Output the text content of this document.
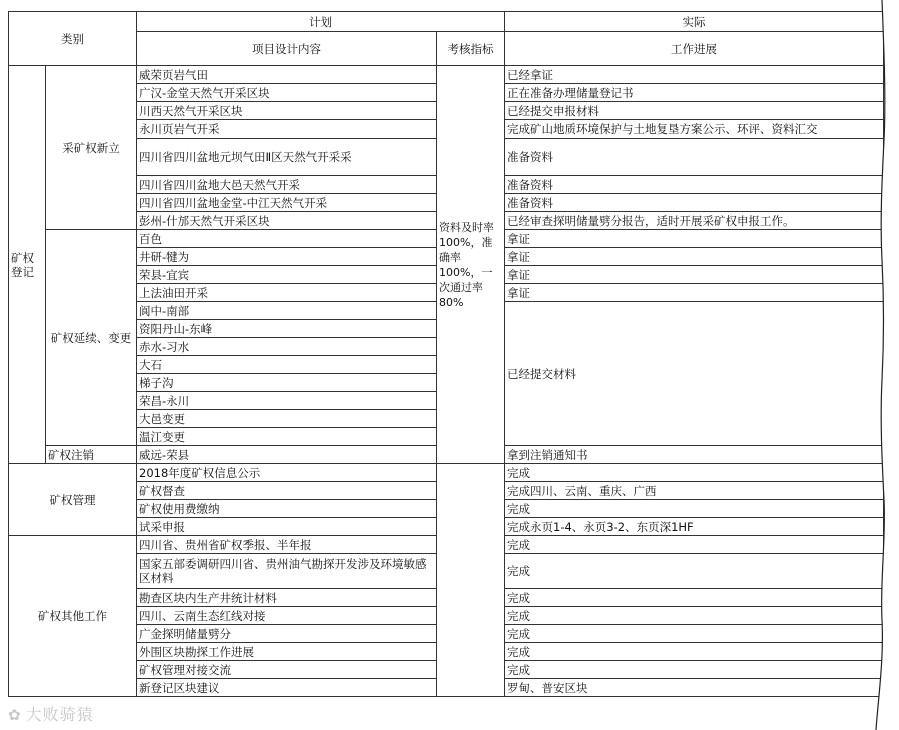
类别		计划		实际
		项目设计内容	考核指标	工作进展
矿权登记	采矿权新立	威荣页岩气田	资料及时率100%，准确率100%，一次通过率80%	已经拿证
		广汉-金堂天然气开采区块		正在准备办理储量登记书
		川西天然气开采区块		已经提交申报材料
		永川页岩气开采		完成矿山地质环境保护与土地复垦方案公示、环评、资料汇交
		四川省四川盆地元坝气田Ⅱ区天然气开采采		准备资料
		四川省四川盆地大邑天然气开采		准备资料
		四川省四川盆地金堂-中江天然气开采		准备资料
		彭州-什邡天然气开采区块		已经审查探明储量劈分报告，适时开展采矿权申报工作。
	矿权延续、变更	百色		拿证
		井研-犍为		拿证
		荣县-宜宾		拿证
		上法油田开采		拿证
		阆中-南部		已经提交材料
		资阳丹山-东峰		
		赤水-习水		
		大石		
		梯子沟		
		荣昌-永川		
		大邑变更		
		温江变更		
	矿权注销	威远-荣县		拿到注销通知书
矿权管理		2018年度矿权信息公示		完成
		矿权督查		完成四川、云南、重庆、广西
		矿权使用费缴纳		完成
		试采申报		完成永页1-4、永页3-2、东页深1HF
矿权其他工作		四川省、贵州省矿权季报、半年报		完成
		国家五部委调研四川省、贵州油气勘探开发涉及环境敏感区材料		完成
		勘查区块内生产井统计材料		完成
		四川、云南生态红线对接		完成
		广金探明储量劈分		完成
		外围区块勘探工作进展		完成
		矿权管理对接交流		完成
		新登记区块建议		罗甸、普安区块
✿ 大败骑猿
